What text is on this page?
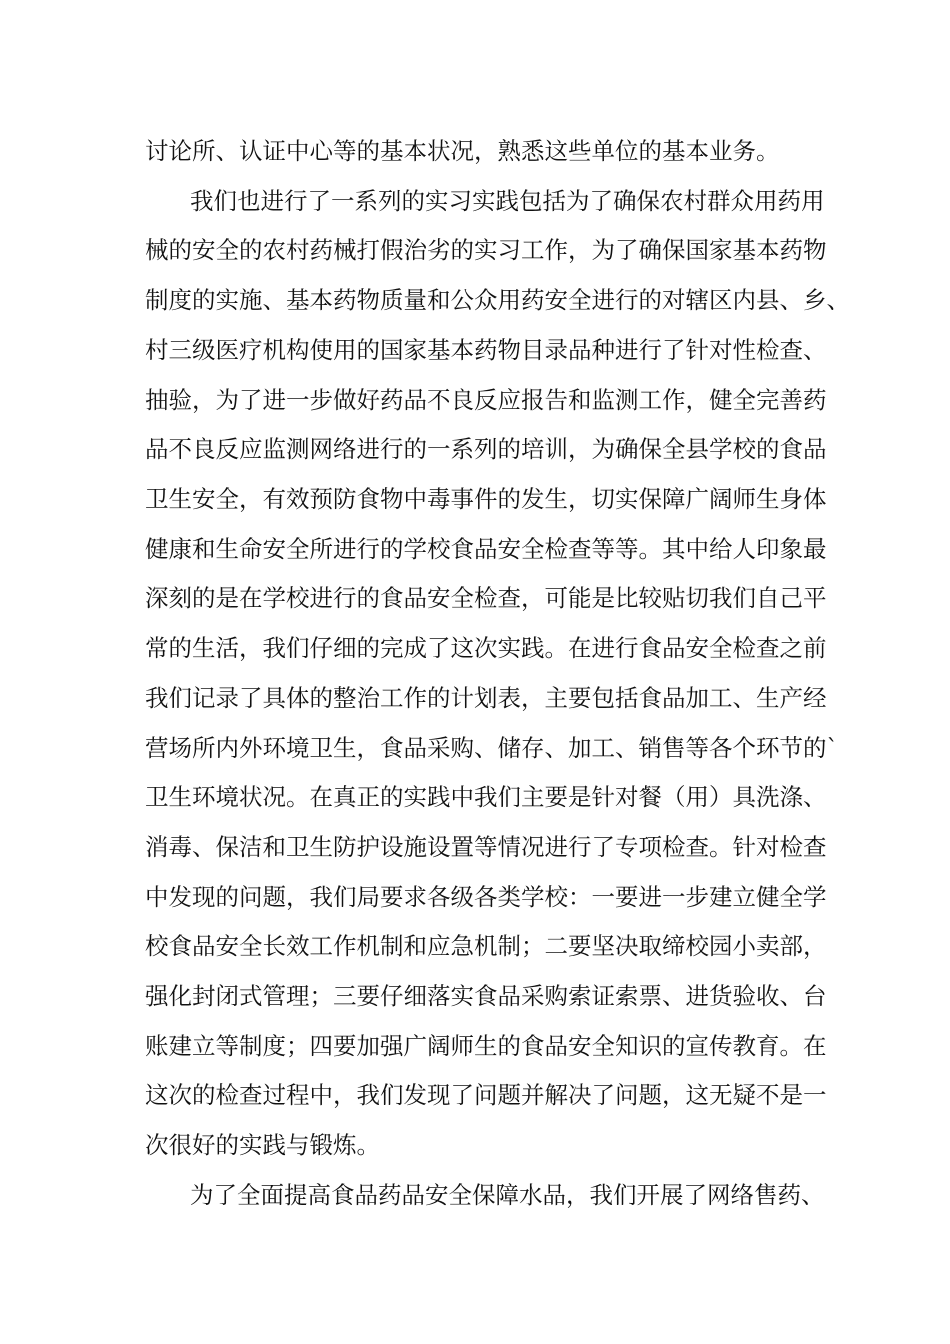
讨论所、认证中心等的基本状况，熟悉这些单位的基本业务。
我们也进行了一系列的实习实践包括为了确保农村群众用药用
械的安全的农村药械打假治劣的实习工作，为了确保国家基本药物
制度的实施、基本药物质量和公众用药安全进行的对辖区内县、乡、
村三级医疗机构使用的国家基本药物目录品种进行了针对性检查、
抽验，为了进一步做好药品不良反应报告和监测工作，健全完善药
品不良反应监测网络进行的一系列的培训，为确保全县学校的食品
卫生安全，有效预防食物中毒事件的发生，切实保障广阔师生身体
健康和生命安全所进行的学校食品安全检查等等。其中给人印象最
深刻的是在学校进行的食品安全检查，可能是比较贴切我们自己平
常的生活，我们仔细的完成了这次实践。在进行食品安全检查之前
我们记录了具体的整治工作的计划表，主要包括食品加工、生产经
营场所内外环境卫生，食品采购、储存、加工、销售等各个环节的`
卫生环境状况。在真正的实践中我们主要是针对餐（用）具洗涤、
消毒、保洁和卫生防护设施设置等情况进行了专项检查。针对检查
中发现的问题，我们局要求各级各类学校：一要进一步建立健全学
校食品安全长效工作机制和应急机制；二要坚决取缔校园小卖部，
强化封闭式管理；三要仔细落实食品采购索证索票、进货验收、台
账建立等制度；四要加强广阔师生的食品安全知识的宣传教育。在
这次的检查过程中，我们发现了问题并解决了问题，这无疑不是一
次很好的实践与锻炼。
为了全面提高食品药品安全保障水品，我们开展了网络售药、
